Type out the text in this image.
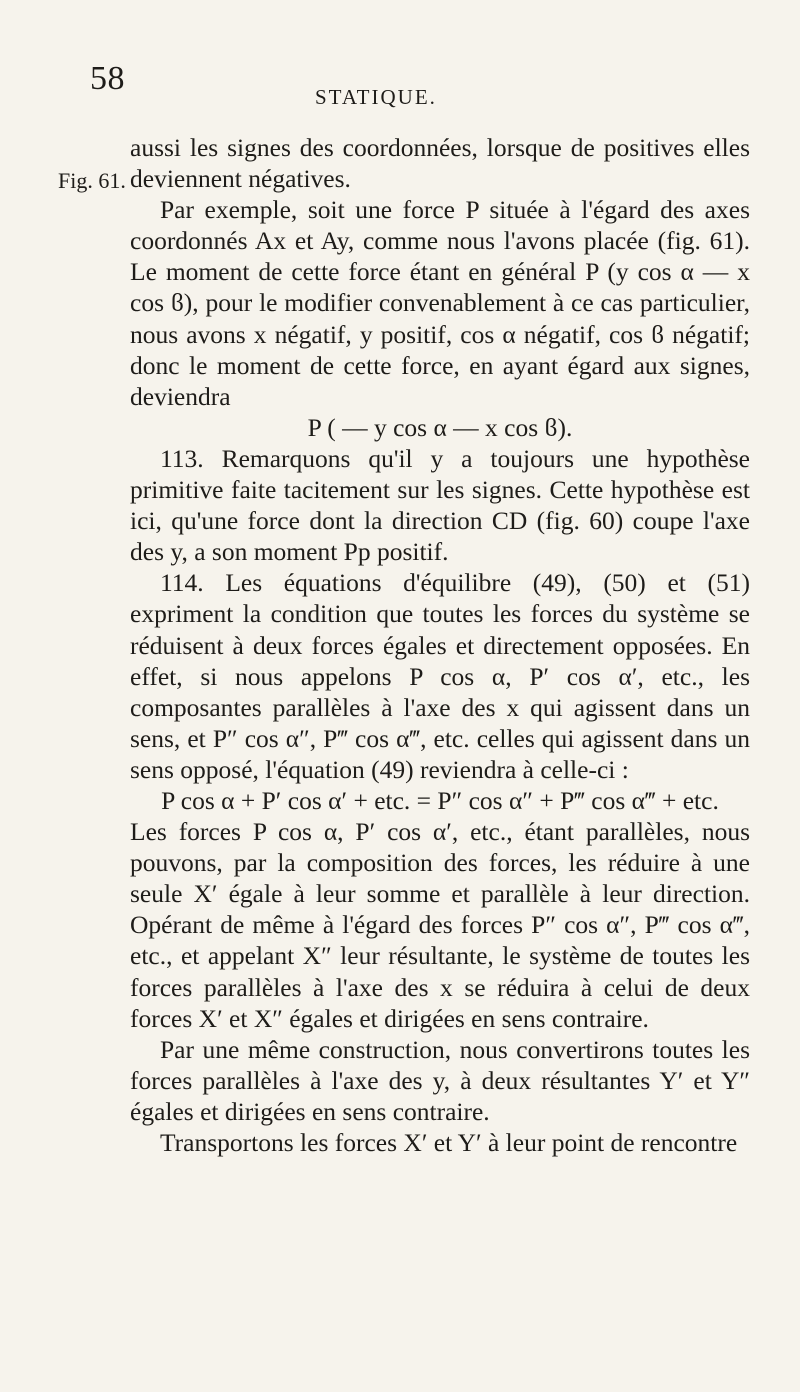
58	STATIQUE.
Fig. 61.

aussi les signes des coordonnées, lorsque de positives elles deviennent négatives.

Par exemple, soit une force P située à l'égard des axes coordonnés Ax et Ay, comme nous l'avons placée (fig. 61). Le moment de cette force étant en général P (y cos α — x cos ϐ), pour le modifier convenablement à ce cas particulier, nous avons x négatif, y positif, cos α négatif, cos ϐ négatif; donc le moment de cette force, en ayant égard aux signes, deviendra

P ( — y cos α — x cos ϐ).

113. Remarquons qu'il y a toujours une hypothèse primitive faite tacitement sur les signes. Cette hypothèse est ici, qu'une force dont la direction CD (fig. 60) coupe l'axe des y, a son moment Pp positif.

114. Les équations d'équilibre (49), (50) et (51) expriment la condition que toutes les forces du système se réduisent à deux forces égales et directement opposées. En effet, si nous appelons P cos α, P′ cos α′, etc., les composantes parallèles à l'axe des x qui agissent dans un sens, et P″ cos α″, P‴ cos α‴, etc. celles qui agissent dans un sens opposé, l'équation (49) reviendra à celle-ci :

P cos α + P′ cos α′ + etc. = P″ cos α″ + P‴ cos α‴ + etc.

Les forces P cos α, P′ cos α′, etc., étant parallèles, nous pouvons, par la composition des forces, les réduire à une seule X′ égale à leur somme et parallèle à leur direction. Opérant de même à l'égard des forces P″ cos α″, P‴ cos α‴, etc., et appelant X″ leur résultante, le système de toutes les forces parallèles à l'axe des x se réduira à celui de deux forces X′ et X″ égales et dirigées en sens contraire.

Par une même construction, nous convertirons toutes les forces parallèles à l'axe des y, à deux résultantes Y′ et Y″ égales et dirigées en sens contraire.

Transportons les forces X′ et Y′ à leur point de rencontre
